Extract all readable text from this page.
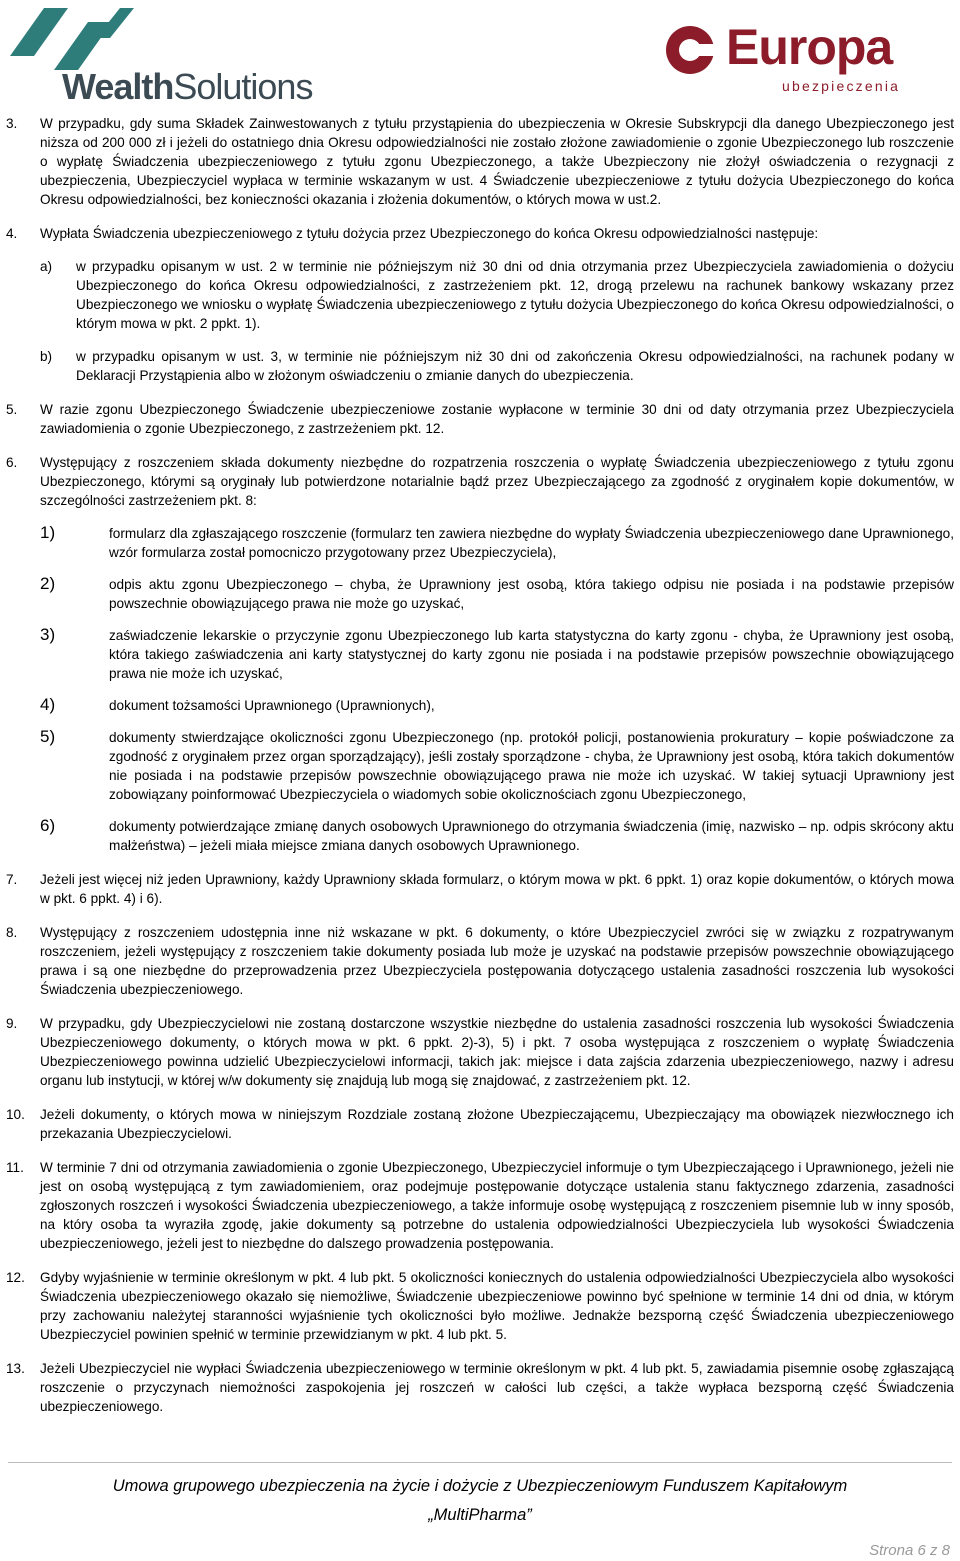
WealthSolutions
Europa
ubezpieczenia
3. W przypadku, gdy suma Składek Zainwestowanych z tytułu przystąpienia do ubezpieczenia w Okresie Subskrypcji dla danego Ubezpieczonego jest niższa od 200 000 zł i jeżeli do ostatniego dnia Okresu odpowiedzialności nie zostało złożone zawiadomienie o zgonie Ubezpieczonego lub roszczenie o wypłatę Świadczenia ubezpieczeniowego z tytułu zgonu Ubezpieczonego, a także Ubezpieczony nie złożył oświadczenia o rezygnacji z ubezpieczenia, Ubezpieczyciel wypłaca w terminie wskazanym w ust. 4 Świadczenie ubezpieczeniowe z tytułu dożycia Ubezpieczonego do końca Okresu odpowiedzialności, bez konieczności okazania i złożenia dokumentów, o których mowa w ust.2.
4. Wypłata Świadczenia ubezpieczeniowego z tytułu dożycia przez Ubezpieczonego do końca Okresu odpowiedzialności następuje:
a) w przypadku opisanym w ust. 2 w terminie nie późniejszym niż 30 dni od dnia otrzymania przez Ubezpieczyciela zawiadomienia o dożyciu Ubezpieczonego do końca Okresu odpowiedzialności, z zastrzeżeniem pkt. 12, drogą przelewu na rachunek bankowy wskazany przez Ubezpieczonego we wniosku o wypłatę Świadczenia ubezpieczeniowego z tytułu dożycia Ubezpieczonego do końca Okresu odpowiedzialności, o którym mowa w pkt. 2 ppkt. 1).
b) w przypadku opisanym w ust. 3, w terminie nie późniejszym niż 30 dni od zakończenia Okresu odpowiedzialności, na rachunek podany w Deklaracji Przystąpienia albo w złożonym oświadczeniu o zmianie danych do ubezpieczenia.
5. W razie zgonu Ubezpieczonego Świadczenie ubezpieczeniowe zostanie wypłacone w terminie 30 dni od daty otrzymania przez Ubezpieczyciela zawiadomienia o zgonie Ubezpieczonego, z zastrzeżeniem pkt. 12.
6. Występujący z roszczeniem składa dokumenty niezbędne do rozpatrzenia roszczenia o wypłatę Świadczenia ubezpieczeniowego z tytułu zgonu Ubezpieczonego, którymi są oryginały lub potwierdzone notarialnie bądź przez Ubezpieczającego za zgodność z oryginałem kopie dokumentów, w szczególności zastrzeżeniem pkt. 8:
1)	formularz dla zgłaszającego roszczenie (formularz ten zawiera niezbędne do wypłaty Świadczenia ubezpieczeniowego dane Uprawnionego, wzór formularza został pomocniczo przygotowany przez Ubezpieczyciela),
2)	odpis aktu zgonu Ubezpieczonego – chyba, że Uprawniony jest osobą, która takiego odpisu nie posiada i na podstawie przepisów powszechnie obowiązującego prawa nie może go uzyskać,
3)	zaświadczenie lekarskie o przyczynie zgonu Ubezpieczonego lub karta statystyczna do karty zgonu - chyba, że Uprawniony jest osobą, która takiego zaświadczenia ani karty statystycznej do karty zgonu nie posiada i na podstawie przepisów powszechnie obowiązującego prawa nie może ich uzyskać,
4)	dokument tożsamości Uprawnionego (Uprawnionych),
5)	dokumenty stwierdzające okoliczności zgonu Ubezpieczonego (np. protokół policji, postanowienia prokuratury – kopie poświadczone za zgodność z oryginałem przez organ sporządzający), jeśli zostały sporządzone - chyba, że Uprawniony jest osobą, która takich dokumentów nie posiada i na podstawie przepisów powszechnie obowiązującego prawa nie może ich uzyskać. W takiej sytuacji Uprawniony jest zobowiązany poinformować Ubezpieczyciela o wiadomych sobie okolicznościach zgonu Ubezpieczonego,
6)	dokumenty potwierdzające zmianę danych osobowych Uprawnionego do otrzymania świadczenia (imię, nazwisko – np. odpis skrócony aktu małżeństwa) – jeżeli miała miejsce zmiana danych osobowych Uprawnionego.
7. Jeżeli jest więcej niż jeden Uprawniony, każdy Uprawniony składa formularz, o którym mowa w pkt. 6 ppkt. 1) oraz kopie dokumentów, o których mowa w pkt. 6 ppkt. 4) i 6).
8. Występujący z roszczeniem udostępnia inne niż wskazane w pkt. 6 dokumenty, o które Ubezpieczyciel zwróci się w związku z rozpatrywanym roszczeniem, jeżeli występujący z roszczeniem takie dokumenty posiada lub może je uzyskać na podstawie przepisów powszechnie obowiązującego prawa i są one niezbędne do przeprowadzenia przez Ubezpieczyciela postępowania dotyczącego ustalenia zasadności roszczenia lub wysokości Świadczenia ubezpieczeniowego.
9. W przypadku, gdy Ubezpieczycielowi nie zostaną dostarczone wszystkie niezbędne do ustalenia zasadności roszczenia lub wysokości Świadczenia Ubezpieczeniowego dokumenty, o których mowa w pkt. 6 ppkt. 2)-3), 5) i pkt. 7 osoba występująca z roszczeniem o wypłatę Świadczenia Ubezpieczeniowego powinna udzielić Ubezpieczycielowi informacji, takich jak: miejsce i data zajścia zdarzenia ubezpieczeniowego, nazwy i adresu organu lub instytucji, w której w/w dokumenty się znajdują lub mogą się znajdować, z zastrzeżeniem pkt. 12.
10. Jeżeli dokumenty, o których mowa w niniejszym Rozdziale zostaną złożone Ubezpieczającemu, Ubezpieczający ma obowiązek niezwłocznego ich przekazania Ubezpieczycielowi.
11. W terminie 7 dni od otrzymania zawiadomienia o zgonie Ubezpieczonego, Ubezpieczyciel informuje o tym Ubezpieczającego i Uprawnionego, jeżeli nie jest on osobą występującą z tym zawiadomieniem, oraz podejmuje postępowanie dotyczące ustalenia stanu faktycznego zdarzenia, zasadności zgłoszonych roszczeń i wysokości Świadczenia ubezpieczeniowego, a także informuje osobę występującą z roszczeniem pisemnie lub w inny sposób, na który osoba ta wyraziła zgodę, jakie dokumenty są potrzebne do ustalenia odpowiedzialności Ubezpieczyciela lub wysokości Świadczenia ubezpieczeniowego, jeżeli jest to niezbędne do dalszego prowadzenia postępowania.
12. Gdyby wyjaśnienie w terminie określonym w pkt. 4 lub pkt. 5 okoliczności koniecznych do ustalenia odpowiedzialności Ubezpieczyciela albo wysokości Świadczenia ubezpieczeniowego okazało się niemożliwe, Świadczenie ubezpieczeniowe powinno być spełnione w terminie 14 dni od dnia, w którym przy zachowaniu należytej staranności wyjaśnienie tych okoliczności było możliwe. Jednakże bezsporną część Świadczenia ubezpieczeniowego Ubezpieczyciel powinien spełnić w terminie przewidzianym w pkt. 4 lub pkt. 5.
13. Jeżeli Ubezpieczyciel nie wypłaci Świadczenia ubezpieczeniowego w terminie określonym w pkt. 4 lub pkt. 5, zawiadamia pisemnie osobę zgłaszającą roszczenie o przyczynach niemożności zaspokojenia jej roszczeń w całości lub części, a także wypłaca bezsporną część Świadczenia ubezpieczeniowego.
Umowa grupowego ubezpieczenia na życie i dożycie z Ubezpieczeniowym Funduszem Kapitałowym
„MultiPharma”
Strona 6 z 8
